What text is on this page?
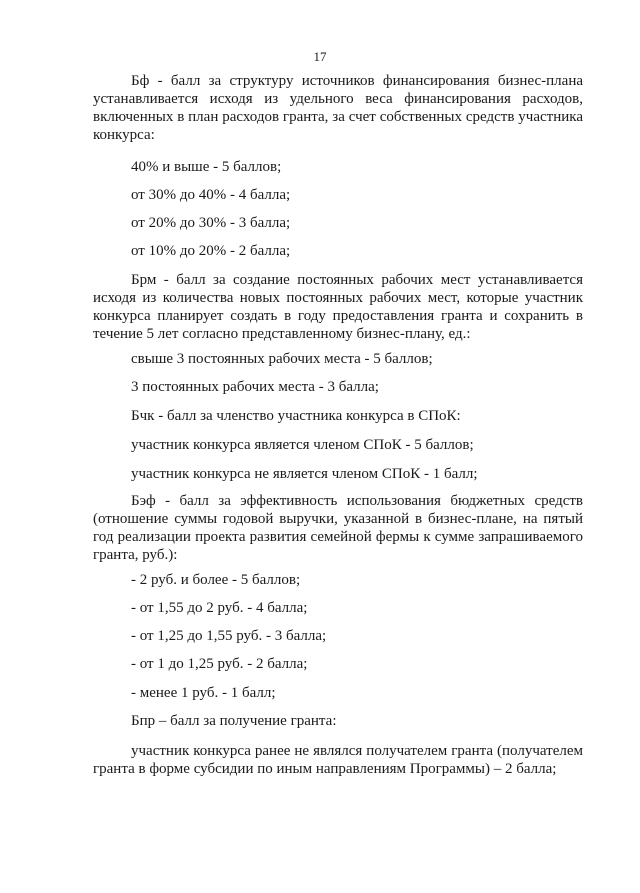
17

Бф - балл за структуру источников финансирования бизнес-плана устанавливается исходя из удельного веса финансирования расходов, включенных в план расходов гранта, за счет собственных средств участника конкурса:

40% и выше - 5 баллов;

от 30% до 40% - 4 балла;

от 20% до 30% - 3 балла;

от 10% до 20% - 2 балла;

Брм - балл за создание постоянных рабочих мест устанавливается исходя из количества новых постоянных рабочих мест, которые участник конкурса планирует создать в году предоставления гранта и сохранить в течение 5 лет согласно представленному бизнес-плану, ед.:

свыше 3 постоянных рабочих места - 5 баллов;

3 постоянных рабочих места - 3 балла;

Бчк - балл за членство участника конкурса в СПоК:

участник конкурса является членом СПоК - 5 баллов;

участник конкурса не является членом СПоК - 1 балл;

Бэф - балл за эффективность использования бюджетных средств (отношение суммы годовой выручки, указанной в бизнес-плане, на пятый год реализации проекта развития семейной фермы к сумме запрашиваемого гранта, руб.):

- 2 руб. и более - 5 баллов;

- от 1,55 до 2 руб. - 4 балла;

- от 1,25 до 1,55 руб. - 3 балла;

- от 1 до 1,25 руб. - 2 балла;

- менее 1 руб. - 1 балл;

Бпр – балл за получение гранта:

участник конкурса ранее не являлся получателем гранта (получателем гранта в форме субсидии по иным направлениям Программы) – 2 балла;
